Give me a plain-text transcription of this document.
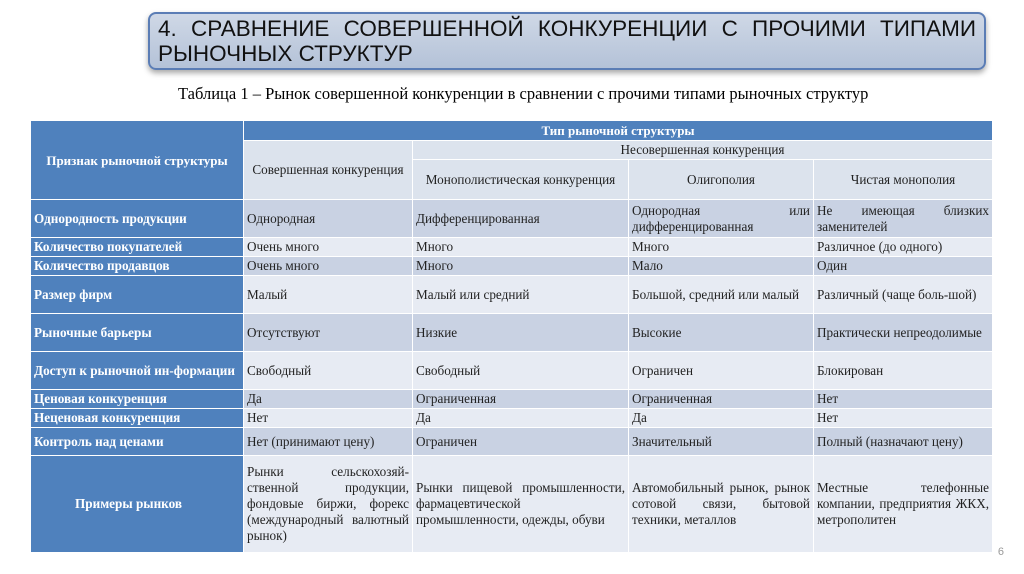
4. СРАВНЕНИЕ СОВЕРШЕННОЙ КОНКУРЕНЦИИ С ПРОЧИМИ ТИПАМИ РЫНОЧНЫХ СТРУКТУР
Таблица 1 – Рынок совершенной конкуренции в сравнении с прочими типами рыночных структур
Признак рыночной структуры	Тип рыночной структуры			
	Совершенная конкуренция	Несовершенная конкуренция		
		Монополистическая конкуренция	Олигополия	Чистая монополия
Однородность продукции	Однородная	Дифференцированная	Однородная или дифференцированная	Не имеющая близких заменителей
Количество покупателей	Очень много	Много	Много	Различное (до одного)
Количество продавцов	Очень много	Много	Мало	Один
Размер фирм	Малый	Малый или средний	Большой, средний или малый	Различный (чаще боль-шой)
Рыночные барьеры	Отсутствуют	Низкие	Высокие	Практически непреодолимые
Доступ к рыночной ин-формации	Свободный	Свободный	Ограничен	Блокирован
Ценовая конкуренция	Да	Ограниченная	Ограниченная	Нет
Неценовая конкуренция	Нет	Да	Да	Нет
Контроль над ценами	Нет (принимают цену)	Ограничен	Значительный	Полный (назначают цену)
Примеры рынков	Рынки сельскохозяй-ственной продукции, фондовые биржи, форекс (международный валютный рынок)	Рынки пищевой промышленности, фармацевтической промышленности, одежды, обуви	Автомобильный рынок, рынок сотовой связи, бытовой техники, металлов	Местные телефонные компании, предприятия ЖКХ, метрополитен
6
